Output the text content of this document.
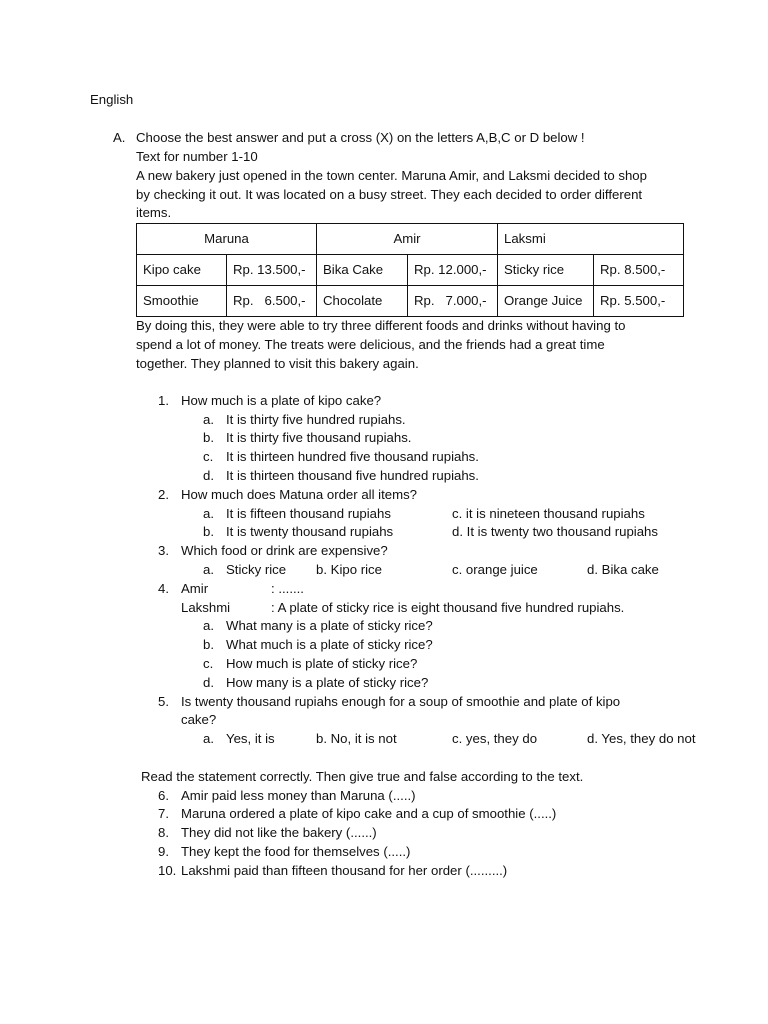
English
A. Choose the best answer and put a cross (X) on the letters A,B,C or D below !
Text for number 1-10
A new bakery just opened in the town center. Maruna Amir, and Laksmi decided to shop
by checking it out. It was located on a busy street. They each decided to order different
items.
Maruna		Amir		Laksmi	
Kipo cake	Rp. 13.500,-	Bika Cake	Rp. 12.000,-	Sticky rice	Rp. 8.500,-
Smoothie	Rp.   6.500,-	Chocolate	Rp.   7.000,-	Orange Juice	Rp. 5.500,-
By doing this, they were able to try three different foods and drinks without having to
spend a lot of money. The treats were delicious, and the friends had a great time
together. They planned to visit this bakery again.
1. How much is a plate of kipo cake?
a. It is thirty five hundred rupiahs.
b. It is thirty five thousand rupiahs.
c. It is thirteen hundred five thousand rupiahs.
d. It is thirteen thousand five hundred rupiahs.
2. How much does Matuna order all items?
a. It is fifteen thousand rupiahs	c. it is nineteen thousand rupiahs
b. It is twenty thousand rupiahs	d. It is twenty two thousand rupiahs
3. Which food or drink are expensive?
a. Sticky rice b. Kipo rice	c. orange juice	d. Bika cake
4. Amir	: .......
Lakshmi	: A plate of sticky rice is eight thousand five hundred rupiahs.
a. What many is a plate of sticky rice?
b. What much is a plate of sticky rice?
c. How much is plate of sticky rice?
d. How many is a plate of sticky rice?
5. Is twenty thousand rupiahs enough for a soup of smoothie and plate of kipo
cake?
a. Yes, it is	b. No, it is not	c. yes, they do	d. Yes, they do not
Read the statement correctly. Then give true and false according to the text.
6. Amir paid less money than Maruna (.....)
7. Maruna ordered a plate of kipo cake and a cup of smoothie (.....)
8. They did not like the bakery (......)
9. They kept the food for themselves (.....)
10. Lakshmi paid than fifteen thousand for her order (.........)
